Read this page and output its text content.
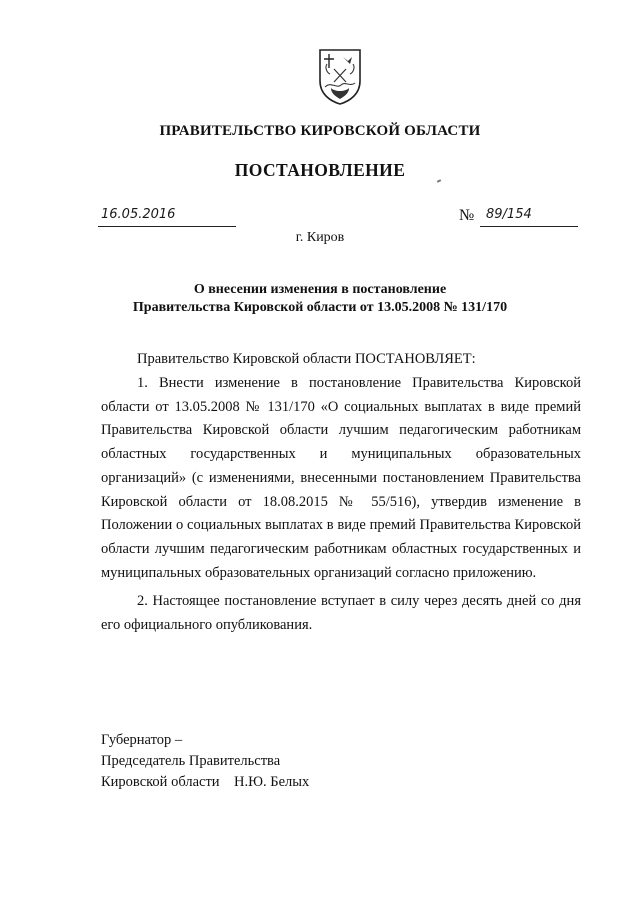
ПРАВИТЕЛЬСТВО КИРОВСКОЙ ОБЛАСТИ
ПОСТАНОВЛЕНИЕ
16.05.2016	№ 89/154
г. Киров
О внесении изменения в постановление
Правительства Кировской области от 13.05.2008 № 131/170

Правительство Кировской области ПОСТАНОВЛЯЕТ:

1. Внести изменение в постановление Правительства Кировской области от 13.05.2008 № 131/170 «О социальных выплатах в виде премий Правительства Кировской области лучшим педагогическим работникам областных государственных и муниципальных образовательных организаций» (с изменениями, внесенными постановлением Правительства Кировской области от 18.08.2015 № 55/516), утвердив изменение в Положении о социальных выплатах в виде премий Правительства Кировской области лучшим педагогическим работникам областных государственных и муниципальных образовательных организаций согласно приложению.

2. Настоящее постановление вступает в силу через десять дней со дня его официального опубликования.

Губернатор –
Председатель Правительства
Кировской области Н.Ю. Белых
